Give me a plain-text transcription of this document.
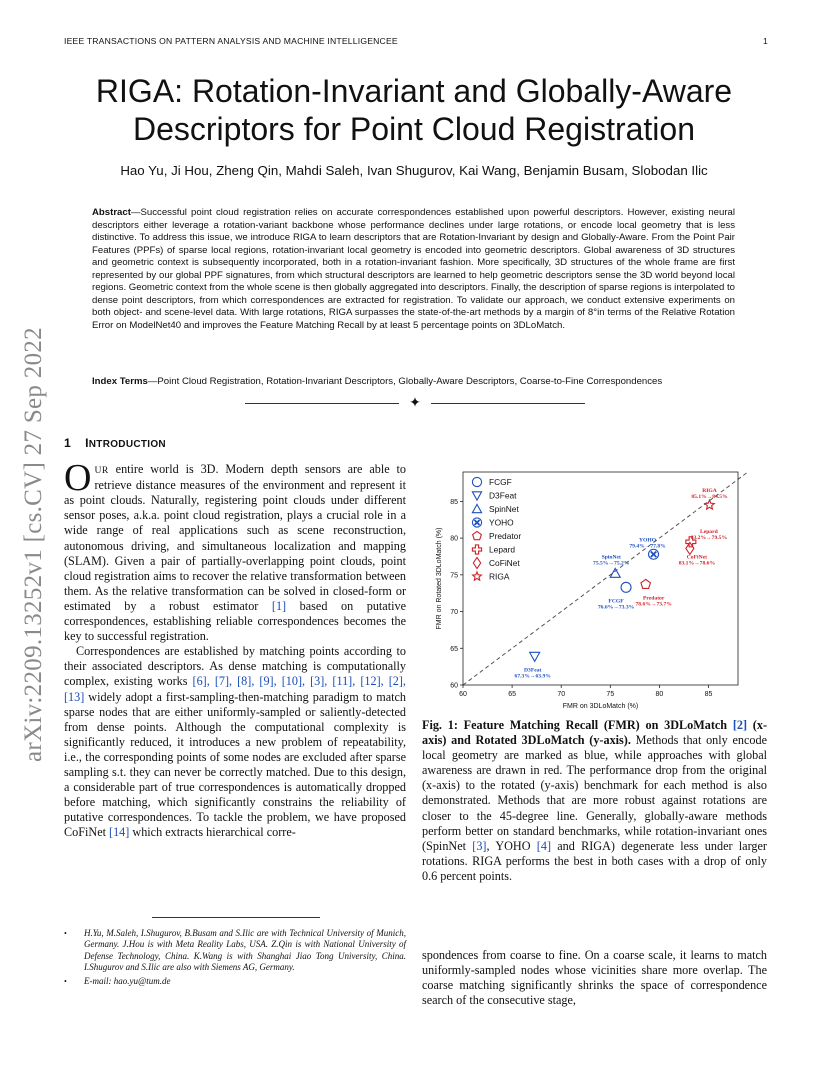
IEEE TRANSACTIONS ON PATTERN ANALYSIS AND MACHINE INTELLIGENCEE	1
arXiv:2209.13252v1 [cs.CV] 27 Sep 2022
RIGA: Rotation-Invariant and Globally-Aware Descriptors for Point Cloud Registration
Hao Yu, Ji Hou, Zheng Qin, Mahdi Saleh, Ivan Shugurov, Kai Wang, Benjamin Busam, Slobodan Ilic

Abstract—Successful point cloud registration relies on accurate correspondences established upon powerful descriptors. However, existing neural descriptors either leverage a rotation-variant backbone whose performance declines under large rotations, or encode local geometry that is less distinctive. To address this issue, we introduce RIGA to learn descriptors that are Rotation-Invariant by design and Globally-Aware. From the Point Pair Features (PPFs) of sparse local regions, rotation-invariant local geometry is encoded into geometric descriptors. Global awareness of 3D structures and geometric context is subsequently incorporated, both in a rotation-invariant fashion. More specifically, 3D structures of the whole frame are first represented by our global PPF signatures, from which structural descriptors are learned to help geometric descriptors sense the 3D world beyond local regions. Geometric context from the whole scene is then globally aggregated into descriptors. Finally, the description of sparse regions is interpolated to dense point descriptors, from which correspondences are extracted for registration. To validate our approach, we conduct extensive experiments on both object- and scene-level data. With large rotations, RIGA surpasses the state-of-the-art methods by a margin of 8°in terms of the Relative Rotation Error on ModelNet40 and improves the Feature Matching Recall by at least 5 percentage points on 3DLoMatch.

Index Terms—Point Cloud Registration, Rotation-Invariant Descriptors, Globally-Aware Descriptors, Coarse-to-Fine Correspondences

✦
1 INTRODUCTION

OUR entire world is 3D. Modern depth sensors are able to retrieve distance measures of the environment and represent it as point clouds. Naturally, registering point clouds under different sensor poses, a.k.a. point cloud registration, plays a crucial role in a wide range of real applications such as scene reconstruction, autonomous driving, and simultaneous localization and mapping (SLAM). Given a pair of partially-overlapping point clouds, point cloud registration aims to recover the relative transformation between them. As the relative transformation can be solved in closed-form or estimated by a robust estimator [1] based on putative correspondences, establishing reliable correspondences becomes the key to successful registration.

Correspondences are established by matching points according to their associated descriptors. As dense matching is computationally complex, existing works [6], [7], [8], [9], [10], [3], [11], [12], [2], [13] widely adopt a first-sampling-then-matching paradigm to match sparse nodes that are either uniformly-sampled or saliently-detected from dense points. Although the computational complexity is significantly reduced, it introduces a new problem of repeatability, i.e., the corresponding points of some nodes are excluded after sparse sampling s.t. they can never be correctly matched. Due to this design, a considerable part of true correspondences is automatically dropped before matching, which significantly constrains the reliability of putative correspondences. To tackle the problem, we have proposed CoFiNet [14] which extracts hierarchical corre-

• H.Yu, M.Saleh, I.Shugurov, B.Busam and S.Ilic are with Technical University of Munich, Germany. J.Hou is with Meta Reality Labs, USA. Z.Qin is with National University of Defense Technology, China. K.Wang is with Shanghai Jiao Tong University, China. I.Shugurov and S.Ilic are also with Siemens AG, Germany.

• E-mail: hao.yu@tum.de

60	65	70	75	80	85
60
65
70
75
80
85
FMR on 3DLoMatch (%)
FMR on Rotated 3DLoMatch (%)
FCGF
D3Feat
SpinNet
YOHO
Predator
Lepard
CoFiNet
RIGA
FCGF
76.6%→73.3%
D3Feat
67.3%→63.9%
SpinNet
75.5%→75.2%
YOHO
79.4%→77.8%
Predator
78.6%→73.7%
Lepard
83.2%→79.5%
CoFiNet
83.1%→78.6%
RIGA
85.1%→84.5%

Fig. 1: Feature Matching Recall (FMR) on 3DLoMatch [2] (x-axis) and Rotated 3DLoMatch (y-axis). Methods that only encode local geometry are marked as blue, while approaches with global awareness are drawn in red. The performance drop from the original (x-axis) to the rotated (y-axis) benchmark for each method is also demonstrated. Methods that are more robust against rotations are closer to the 45-degree line. Generally, globally-aware methods perform better on standard benchmarks, while rotation-invariant ones (SpinNet [3], YOHO [4] and RIGA) degenerate less under larger rotations. RIGA performs the best in both cases with a drop of only 0.6 percent points.

spondences from coarse to fine. On a coarse scale, it learns to match uniformly-sampled nodes whose vicinities share more overlap. The coarse matching significantly shrinks the space of correspondence search of the consecutive stage,
